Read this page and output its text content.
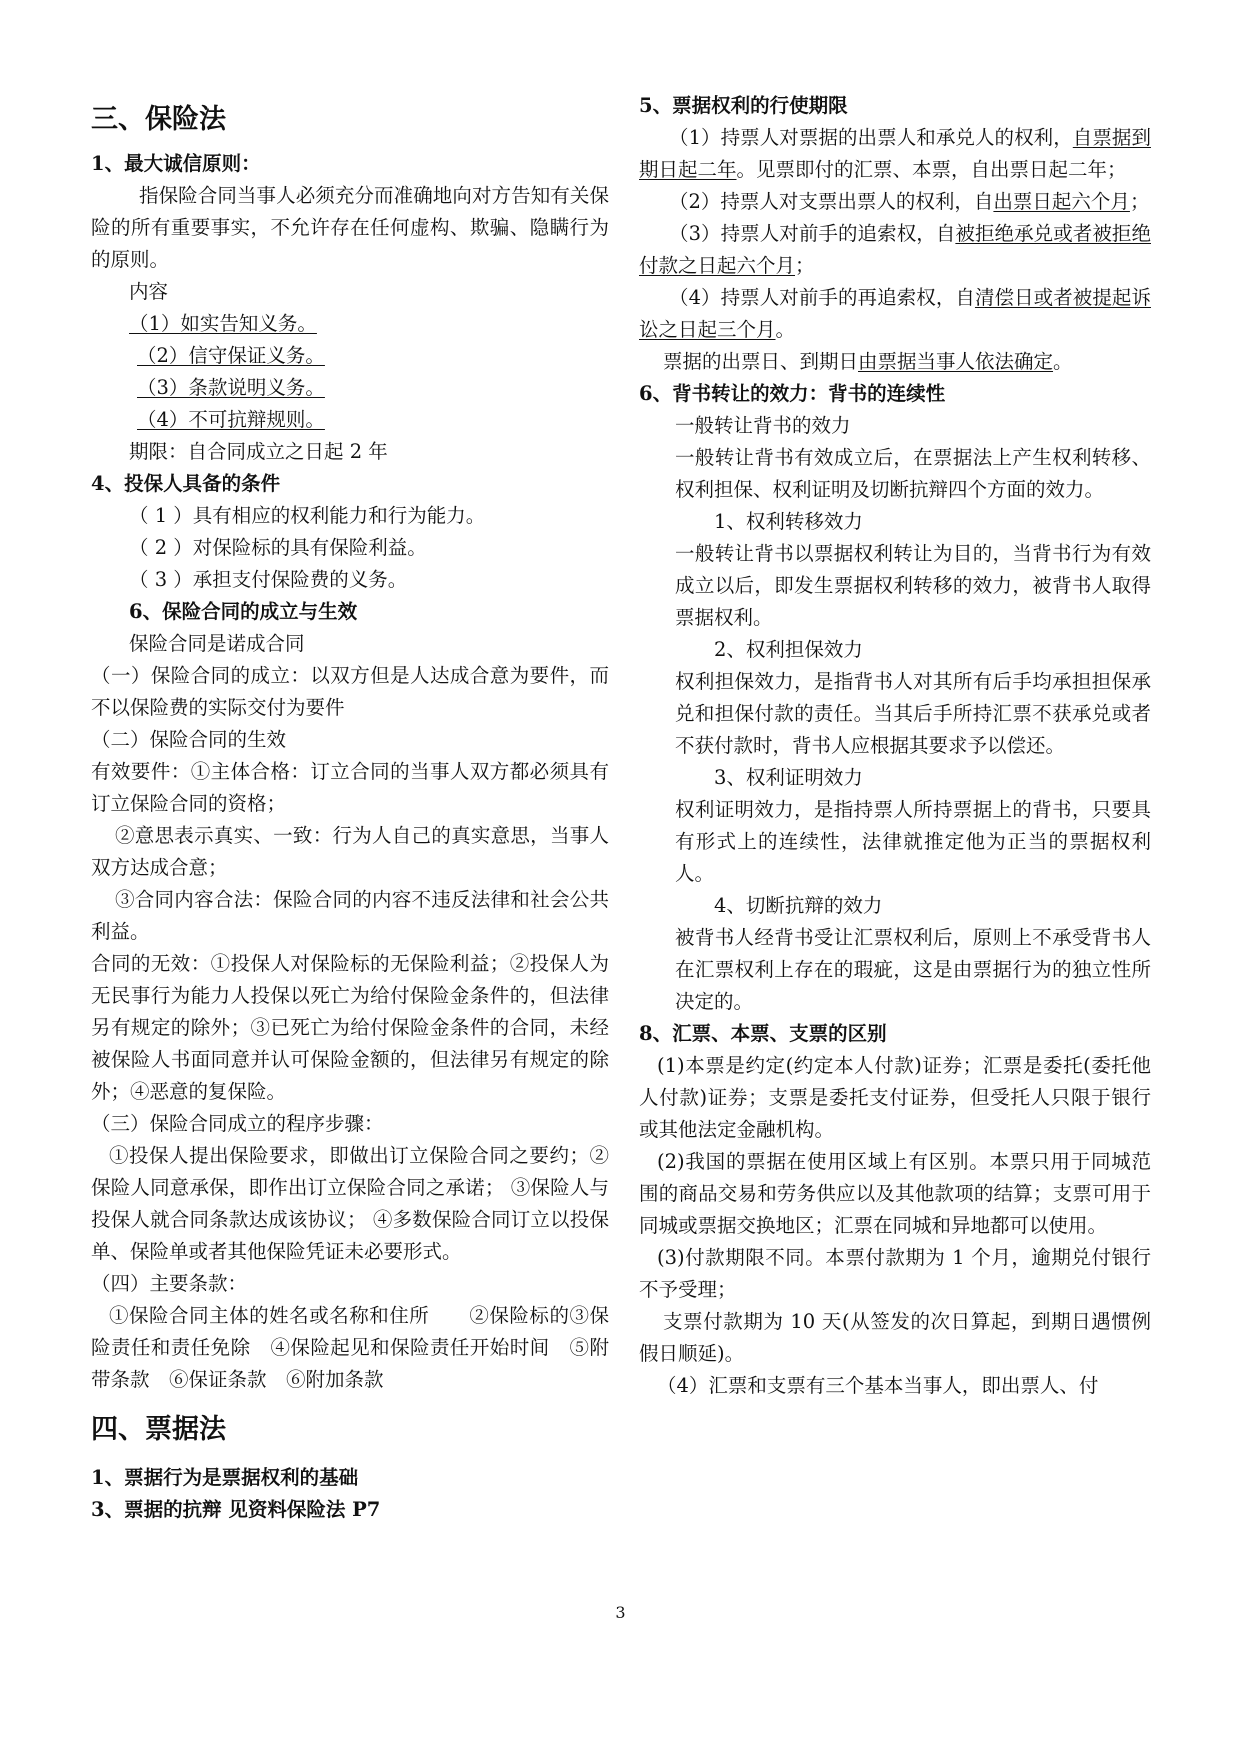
三、保险法

1、最大诚信原则：

指保险合同当事人必须充分而准确地向对方告知有关保险的所有重要事实，不允许存在任何虚构、欺骗、隐瞒行为的原则。

内容

（1）如实告知义务。

（2）信守保证义务。

（3）条款说明义务。

（4）不可抗辩规则。

期限：自合同成立之日起 2 年

4、投保人具备的条件

（ 1 ）具有相应的权利能力和行为能力。

（ 2 ）对保险标的具有保险利益。

（ 3 ）承担支付保险费的义务。

6、保险合同的成立与生效

保险合同是诺成合同

（一）保险合同的成立：以双方但是人达成合意为要件，而不以保险费的实际交付为要件

（二）保险合同的生效

有效要件：①主体合格：订立合同的当事人双方都必须具有订立保险合同的资格；

②意思表示真实、一致：行为人自己的真实意思，当事人双方达成合意；

③合同内容合法：保险合同的内容不违反法律和社会公共利益。

合同的无效：①投保人对保险标的无保险利益；②投保人为无民事行为能力人投保以死亡为给付保险金条件的，但法律另有规定的除外；③已死亡为给付保险金条件的合同，未经被保险人书面同意并认可保险金额的，但法律另有规定的除外；④恶意的复保险。

（三）保险合同成立的程序步骤：

①投保人提出保险要求，即做出订立保险合同之要约；②保险人同意承保，即作出订立保险合同之承诺； ③保险人与投保人就合同条款达成该协议； ④多数保险合同订立以投保单、保险单或者其他保险凭证未必要形式。

（四）主要条款：

①保险合同主体的姓名或名称和住所　　②保险标的③保险责任和责任免除　④保险起见和保险责任开始时间　⑤附带条款　⑥保证条款　⑥附加条款

四、票据法

1、票据行为是票据权利的基础

3、票据的抗辩 见资料保险法 P7

5、票据权利的行使期限

（1）持票人对票据的出票人和承兑人的权利，自票据到期日起二年。见票即付的汇票、本票，自出票日起二年；

（2）持票人对支票出票人的权利，自出票日起六个月；

（3）持票人对前手的追索权，自被拒绝承兑或者被拒绝付款之日起六个月；

（4）持票人对前手的再追索权，自清偿日或者被提起诉讼之日起三个月。

票据的出票日、到期日由票据当事人依法确定。

6、背书转让的效力：背书的连续性

一般转让背书的效力

一般转让背书有效成立后，在票据法上产生权利转移、权利担保、权利证明及切断抗辩四个方面的效力。

1、权利转移效力

一般转让背书以票据权利转让为目的，当背书行为有效成立以后，即发生票据权利转移的效力，被背书人取得票据权利。

2、权利担保效力

权利担保效力，是指背书人对其所有后手均承担担保承兑和担保付款的责任。当其后手所持汇票不获承兑或者不获付款时，背书人应根据其要求予以偿还。

3、权利证明效力

权利证明效力，是指持票人所持票据上的背书，只要具有形式上的连续性，法律就推定他为正当的票据权利人。

4、切断抗辩的效力

被背书人经背书受让汇票权利后，原则上不承受背书人在汇票权利上存在的瑕疵，这是由票据行为的独立性所决定的。

8、汇票、本票、支票的区别

(1)本票是约定(约定本人付款)证券；汇票是委托(委托他人付款)证券；支票是委托支付证券，但受托人只限于银行或其他法定金融机构。

(2)我国的票据在使用区域上有区别。本票只用于同城范围的商品交易和劳务供应以及其他款项的结算；支票可用于同城或票据交换地区；汇票在同城和异地都可以使用。

(3)付款期限不同。本票付款期为 1 个月，逾期兑付银行不予受理；

支票付款期为 10 天(从签发的次日算起，到期日遇惯例假日顺延)。

（4）汇票和支票有三个基本当事人，即出票人、付

3
